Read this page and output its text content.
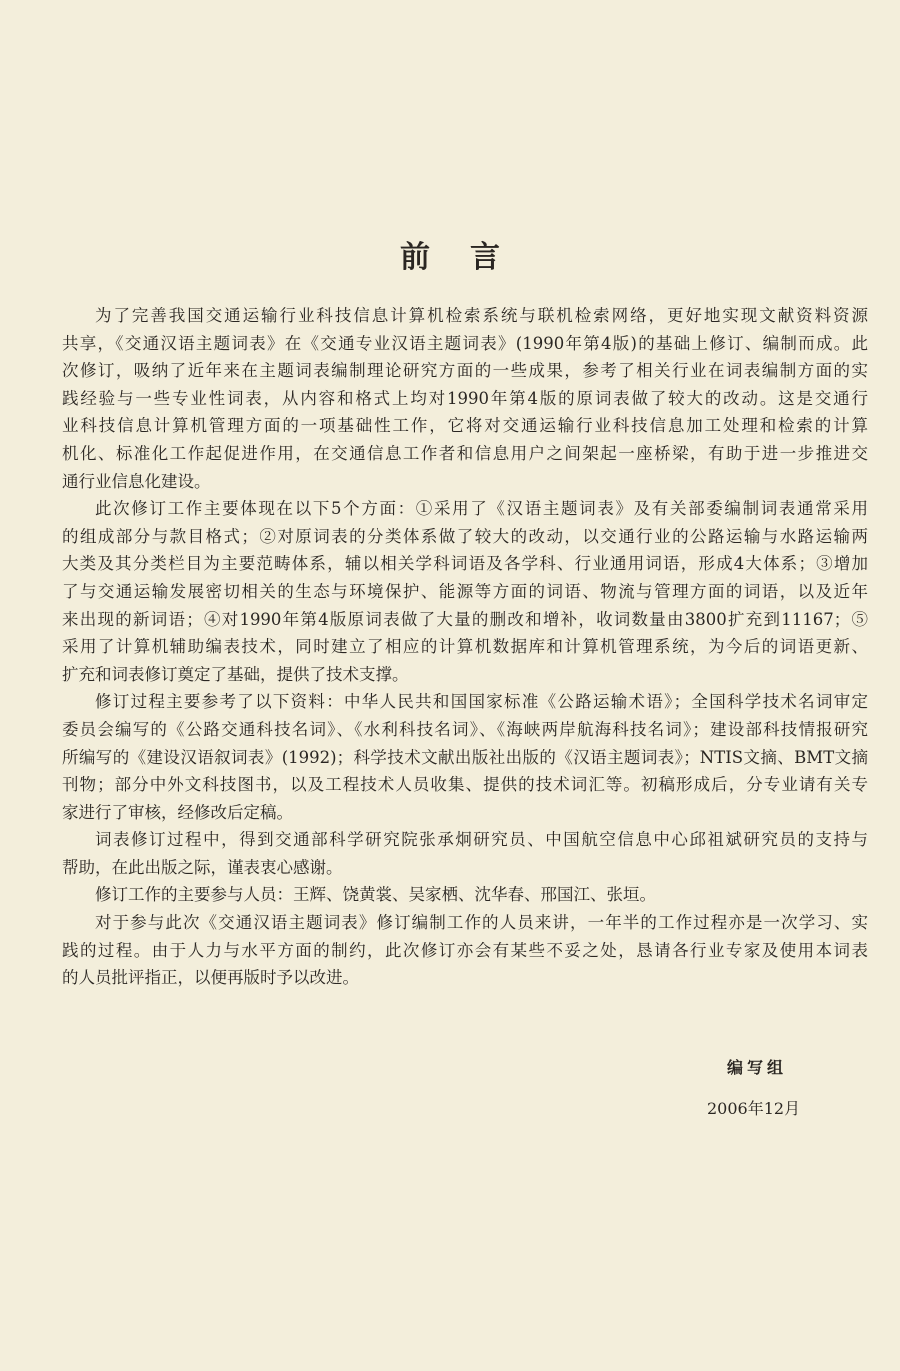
前言
为了完善我国交通运输行业科技信息计算机检索系统与联机检索网络，更好地实现文献资料资源
共享，《交通汉语主题词表》在《交通专业汉语主题词表》(1990年第4版)的基础上修订、编制而成。此
次修订，吸纳了近年来在主题词表编制理论研究方面的一些成果，参考了相关行业在词表编制方面的实
践经验与一些专业性词表，从内容和格式上均对1990年第4版的原词表做了较大的改动。这是交通行
业科技信息计算机管理方面的一项基础性工作，它将对交通运输行业科技信息加工处理和检索的计算
机化、标准化工作起促进作用，在交通信息工作者和信息用户之间架起一座桥梁，有助于进一步推进交
通行业信息化建设。
此次修订工作主要体现在以下5个方面：①采用了《汉语主题词表》及有关部委编制词表通常采用
的组成部分与款目格式；②对原词表的分类体系做了较大的改动，以交通行业的公路运输与水路运输两
大类及其分类栏目为主要范畴体系，辅以相关学科词语及各学科、行业通用词语，形成4大体系；③增加
了与交通运输发展密切相关的生态与环境保护、能源等方面的词语、物流与管理方面的词语，以及近年
来出现的新词语；④对1990年第4版原词表做了大量的删改和增补，收词数量由3800扩充到11167；⑤
采用了计算机辅助编表技术，同时建立了相应的计算机数据库和计算机管理系统，为今后的词语更新、
扩充和词表修订奠定了基础，提供了技术支撑。
修订过程主要参考了以下资料：中华人民共和国国家标准《公路运输术语》；全国科学技术名词审定
委员会编写的《公路交通科技名词》、《水利科技名词》、《海峡两岸航海科技名词》；建设部科技情报研究
所编写的《建设汉语叙词表》(1992)；科学技术文献出版社出版的《汉语主题词表》；NTIS文摘、BMT文摘
刊物；部分中外文科技图书，以及工程技术人员收集、提供的技术词汇等。初稿形成后，分专业请有关专
家进行了审核，经修改后定稿。
词表修订过程中，得到交通部科学研究院张承炯研究员、中国航空信息中心邱祖斌研究员的支持与
帮助，在此出版之际，谨表衷心感谢。
修订工作的主要参与人员：王辉、饶黄裳、吴家栖、沈华春、邢国江、张垣。
对于参与此次《交通汉语主题词表》修订编制工作的人员来讲，一年半的工作过程亦是一次学习、实
践的过程。由于人力与水平方面的制约，此次修订亦会有某些不妥之处，恳请各行业专家及使用本词表
的人员批评指正，以便再版时予以改进。
编写组
2006年12月
